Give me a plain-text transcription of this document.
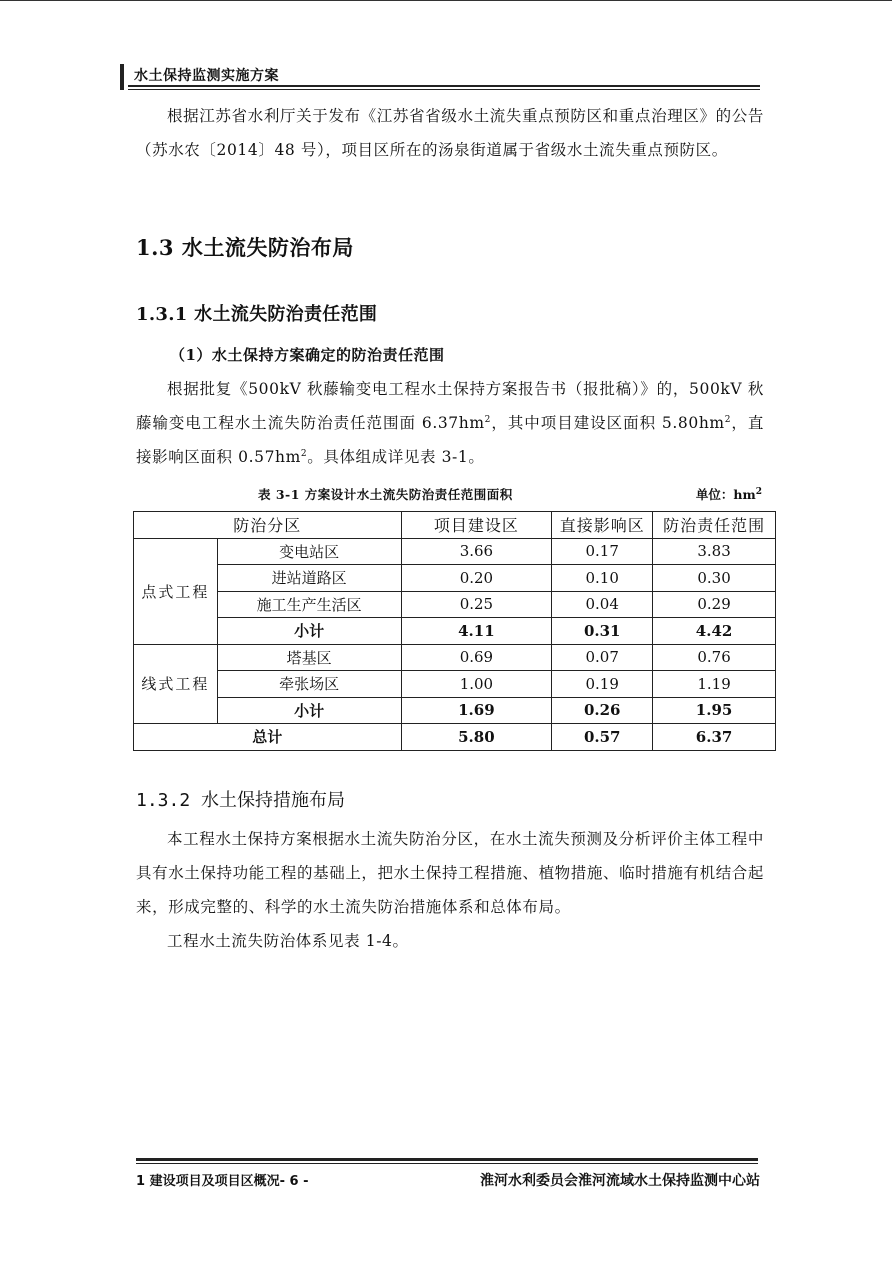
水土保持监测实施方案
根据江苏省水利厅关于发布《江苏省省级水土流失重点预防区和重点治理区》的公告（苏水农〔2014〕48 号），项目区所在的汤泉街道属于省级水土流失重点预防区。
1.3 水土流失防治布局
1.3.1 水土流失防治责任范围
（1）水土保持方案确定的防治责任范围
根据批复《500kV 秋藤输变电工程水土保持方案报告书（报批稿）》的，500kV 秋藤输变电工程水土流失防治责任范围面 $6.37hm^2$，其中项目建设区面积 $5.80hm^2$，直接影响区面积 $0.57hm^2$。具体组成详见表 3-1。
表 3-1 方案设计水土流失防治责任范围面积	单位：$hm^2$
防治分区		项目建设区	直接影响区	防治责任范围
点式工程	变电站区	3.66	0.17	3.83
	进站道路区	0.20	0.10	0.30
	施工生产生活区	0.25	0.04	0.29
	小计	4.11	0.31	4.42
线式工程	塔基区	0.69	0.07	0.76
	牵张场区	1.00	0.19	1.19
	小计	1.69	0.26	1.95
总计		5.80	0.57	6.37
1.3.2 水土保持措施布局
本工程水土保持方案根据水土流失防治分区，在水土流失预测及分析评价主体工程中具有水土保持功能工程的基础上，把水土保持工程措施、植物措施、临时措施有机结合起来，形成完整的、科学的水土流失防治措施体系和总体布局。
工程水土流失防治体系见表 1-4。
1 建设项目及项目区概况- 6 -	淮河水利委员会淮河流域水土保持监测中心站
